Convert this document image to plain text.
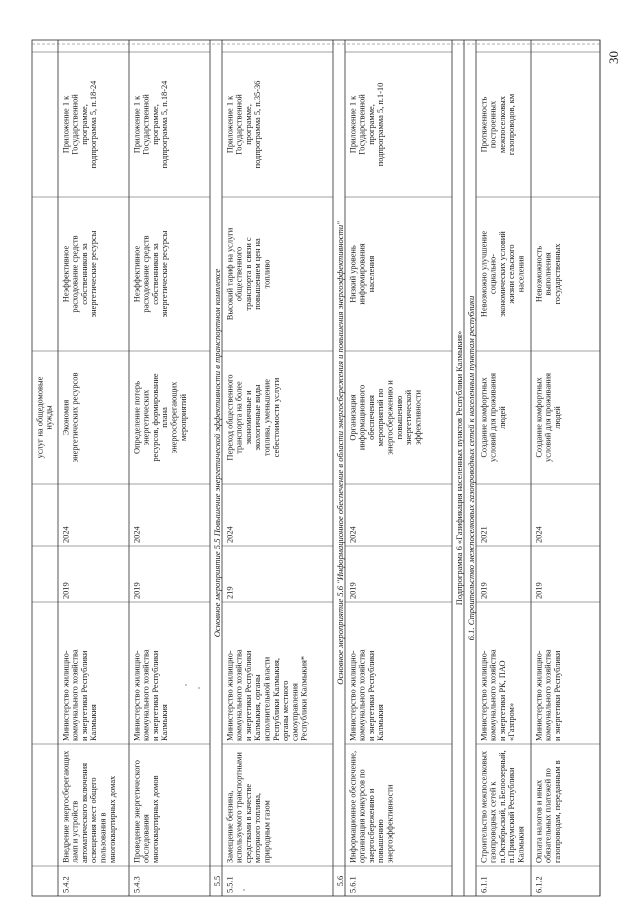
услуг на общедомовые нужды
5.4.2
Внедрение энергосберегающих ламп и устройств автоматического включения освещения мест общего пользования в многоквартирных домах
Министерство жилищно- коммунального хозяйства и энергетики Республики Калмыкия
2019
2024
Экономия энергетических ресурсов
Неэффективное расходование средств собственников за энергетические ресурсы
Приложение 1 к Государственной программе, подпрограмма 5, п.18-24
5.4.3
Проведение энергетического обследования многоквартирных домов
Министерство жилищно- коммунального хозяйства и энергетики Республики Калмыкия
2019
2024
Определение потерь энергетических ресурсов, формирование плана энергосберегающих мероприятий
Неэффективное расходование средств собственников за энергетические ресурсы
Приложение 1 к Государственной программе, подпрограмма 5, п.18-24
5.5
Основное мероприятие 5.5 Повышение энергетической эффективности в транспортном комплексе
5.5.1
Замещение бензина, используемого транспортными средствами в качестве моторного топлива, природным газом
Министерство жилищно- коммунального хозяйства и энергетики Республики Калмыкия, органы исполнительной власти Республики Калмыкия, органы местного самоуправления Республики Калмыкия*
219
2024
Переход общественного транспорта на более экономичные и экологичные виды топлива, уменьшение себестоимости услуги
Высокий тариф на услуги общественного транспорта в связи с повышением цен на топливо
Приложение 1 к Государственной программе, подпрограмма 5, п.35-36
5.6
Основное мероприятие 5.6 "Информационное обеспечение в области энергосбережения и повышения энергоэффективности"
5.6.1
Информационное обеспечение, организация конкурсов по энергосбережению и повышению энергоэффективности
Министерство жилищно- коммунального хозяйства и энергетики Республики Калмыкия
2019
2024
Организация информационного обеспечения мероприятий по энергосбережению и повышению энергетической эффективности
Низкий уровень информирования населения
Приложение 1 к Государственной программе, подпрограмма 5, п.1-10
Подпрограмма 6 «Газификация населенных пунктов Республики Калмыкия» 6.1. Строительство межпоселковых газопроводных сетей к населенным пунктам республики
6.1.1
Строительство межпоселковых газопроводных сетей к п.Октябрьский, п.Белоозерный, п.Прикумский Республики Калмыкия
Министерство жилищно- коммунального хозяйства и энергетики РК, ПАО «Газпром»
2019
2021
Создание комфортных условий для проживания людей
Невозможно улучшение социально- экономических условий жизни сельского населения
Протяженность построенных межпоселковых газопроводов, км
6.1.2
Оплата налогов и иных обязательных платежей по газопроводам, переданным в
Министерство жилищно- коммунального хозяйства и энергетики Республики
2019
2024
Создание комфортных условий для проживания людей
Невозможность выполнения государственных
30
